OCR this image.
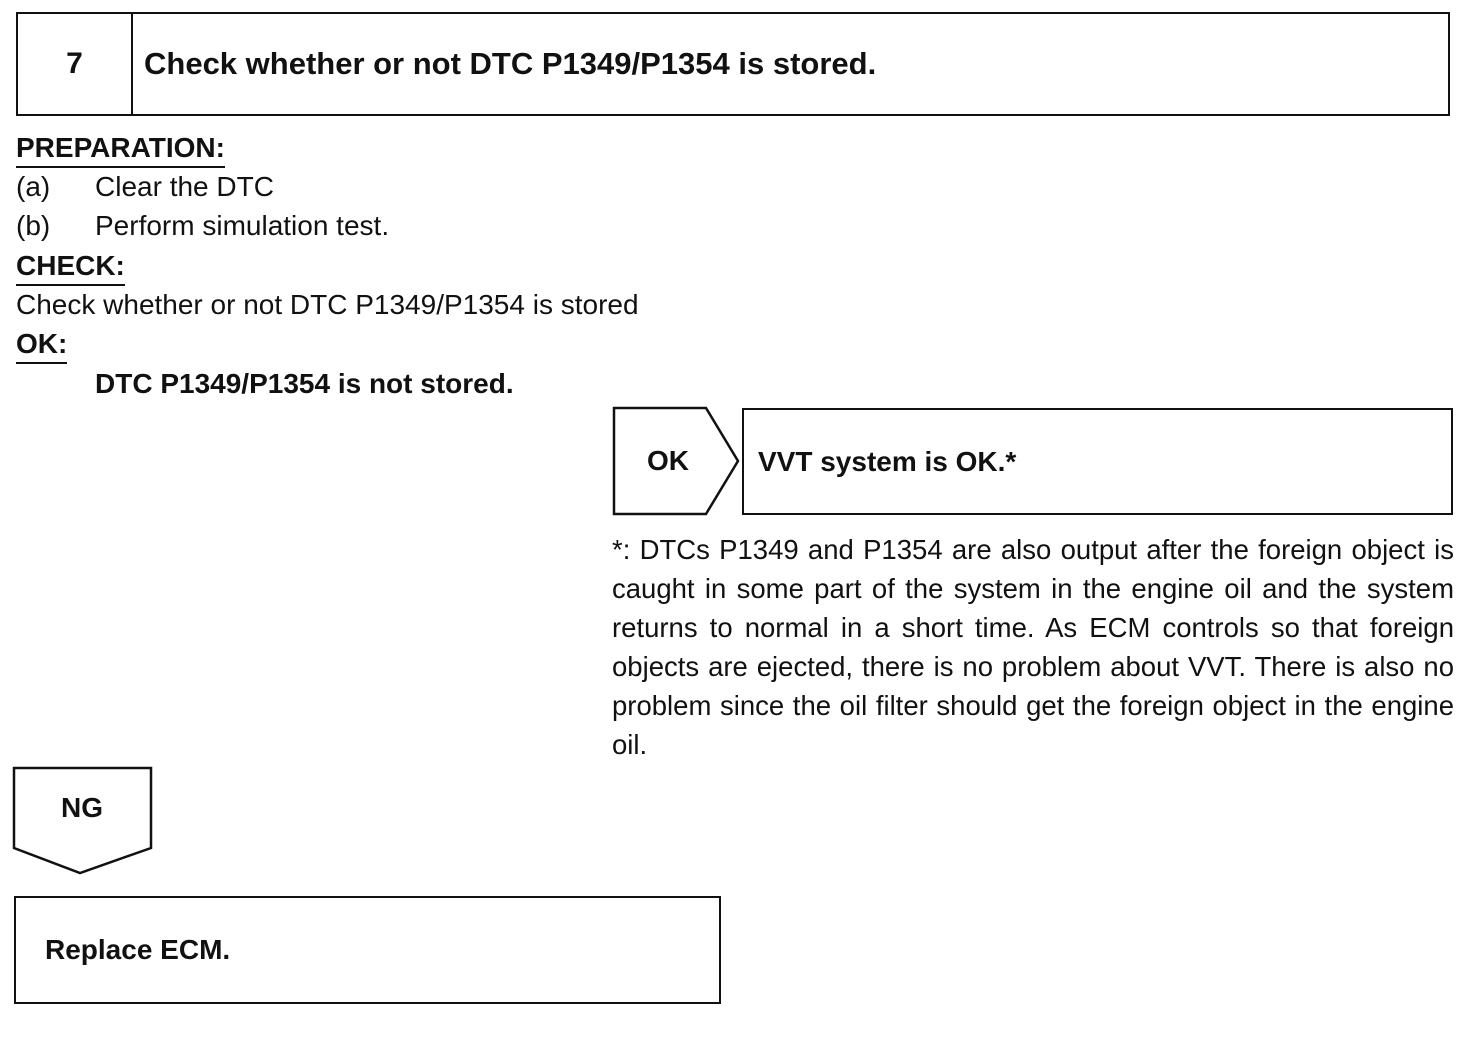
7	Check whether or not DTC P1349/P1354 is stored.
PREPARATION:
(a) Clear the DTC
(b) Perform simulation test.
CHECK:
Check whether or not DTC P1349/P1354 is stored
OK:
DTC P1349/P1354 is not stored.
OK	VVT system is OK.*
*: DTCs P1349 and P1354 are also output after the foreign object is caught in some part of the system in the engine oil and the system returns to normal in a short time. As ECM controls so that foreign objects are ejected, there is no problem about VVT. There is also no problem since the oil filter should get the foreign object in the engine oil.
NG
Replace ECM.
